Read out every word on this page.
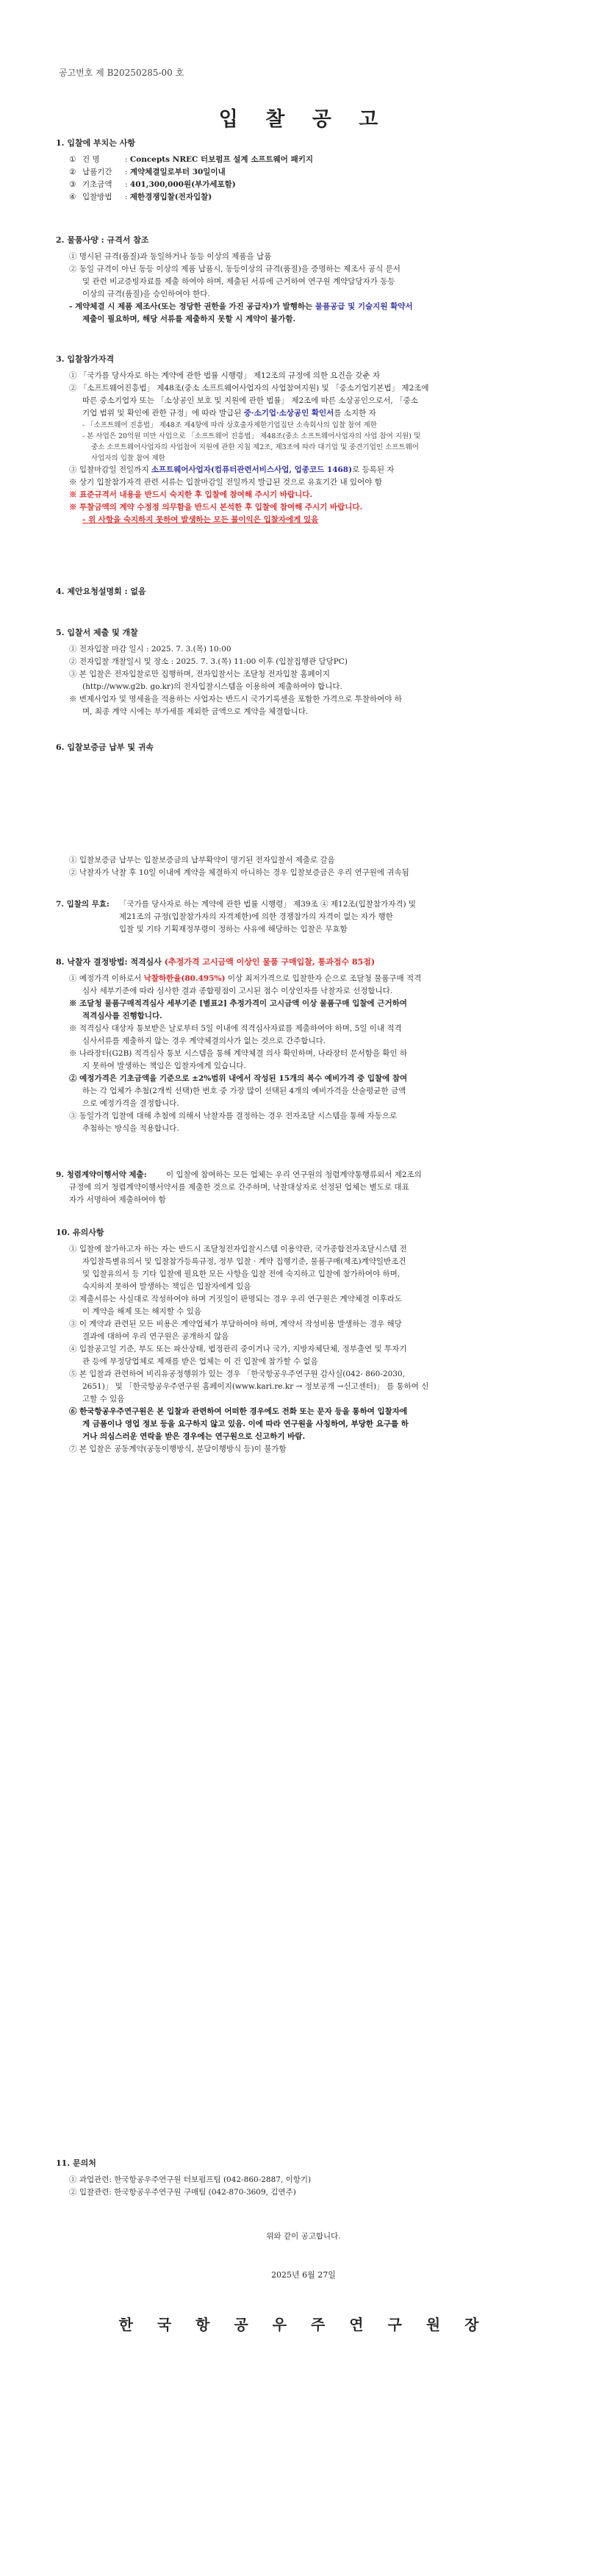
공고번호 제 B20250285-00 호
입 찰 공 고
1. 입찰에 부치는 사항
① 건 명	: Concepts NREC 터보펌프 설계 소프트웨어 패키지
② 납품기간	: 계약체결일로부터 30일이내
③ 기초금액	: 401,300,000원(부가세포함)
④ 입찰방법	: 제한경쟁입찰(전자입찰)
2. 물품사양 : 규격서 참조
① 명시된 규격(품질)과 동일하거나 동등 이상의 제품을 납품
② 동일 규격이 아닌 동등 이상의 제품 납품시, 동등이상의 규격(품질)을 증명하는 제조사 공식 문서
및 관련 비교증빙자료를 제출 하여야 하며, 제출된 서류에 근거하여 연구원 계약담당자가 동등
이상의 규격(품질)을 승인하여야 한다.
- 계약체결 시 제품 제조사(또는 정당한 권한을 가진 공급자)가 발행하는 물품공급 및 기술지원 확약서
제출이 필요하며, 해당 서류를 제출하지 못할 시 계약이 불가함.
3. 입찰참가자격
① 「국가를 당사자로 하는 계약에 관한 법률 시행령」 제12조의 규정에 의한 요건을 갖춘 자
② 「소프트웨어진흥법」 제48조(중소 소프트웨어사업자의 사업참여지원) 및 「중소기업기본법」 제2조에
따른 중소기업자 또는 「소상공인 보호 및 지원에 관한 법률」 제2조에 따른 소상공인으로서, 「중소
기업 범위 및 확인에 관한 규정」에 따라 발급된 중·소기업·소상공인 확인서를 소지한 자
- 「소프트웨어 진흥법」 제48조 제4항에 따라 상호출자제한기업집단 소속회사의 입찰 참여 제한
- 본 사업은 20억원 미만 사업으로 「소프트웨어 진흥법」 제48조(중소 소프트웨어사업자의 사업 참여 지원) 및
중소 소프트웨어사업자의 사업참여 지원에 관한 지침 제2조, 제3조에 따라 대기업 및 중견기업인 소프트웨어
사업자의 입찰 참여 제한
③ 입찰마감일 전일까지 소프트웨어사업자(컴퓨터관련서비스사업, 업종코드 1468)로 등록된 자
※ 상기 입찰참가자격 관련 서류는 입찰마감일 전일까지 발급된 것으로 유효기간 내 있어야 함
※ 표준규격서 내용을 반드시 숙지한 후 입찰에 참여해 주시기 바랍니다.
※ 투찰금액의 계약 수정정 의무함을 반드시 본석한 후 입찰에 참여해 주시기 바랍니다.
- 위 사항을 숙지하지 못하여 발생하는 모든 불이익은 입찰자에게 있음
4. 제안요청설명회 : 없음
5. 입찰서 제출 및 개찰
① 전자입찰 마감 일시 : 2025. 7. 3.(목) 10:00
② 전자입찰 개찰일시 및 장소 : 2025. 7. 3.(목) 11:00 이후 (입찰집행관 담당PC)
③ 본 입찰은 전자입찰로만 집행하며, 전자입찰서는 조달청 전자입찰 홈페이지
(http://www.g2b. go.kr)의 전자입찰시스템을 이용하여 제출하여야 합니다.
※ 변제사업자 및 명세율을 적용하는 사업자는 반드시 국가기록센을 포함한 가격으로 투찰하여야 하
며, 최종 계약 시에는 부가세를 제외한 금액으로 계약을 체결합니다.
6. 입찰보증금 납부 및 귀속
① 입찰보증금 납부는 입찰보증금의 납부확약이 명기된 전자입찰서 제출로 갈음
② 낙찰자가 낙찰 후 10일 이내에 계약을 체결하지 아니하는 경우 입찰보증금은 우리 연구원에 귀속됨
7. 입찰의 무효:	「국가를 당사자로 하는 계약에 관한 법률 시행령」 제39조 ④ 제12조(입찰참가자격) 및
제21조의 규정(입찰참가자의 자격제한)에 의한 경쟁참가의 자격이 없는 자가 행한
입찰 및 기타 기획재정부령이 정하는 사유에 해당하는 입찰은 무효함
8. 낙찰자 결정방법: 적격심사 (추정가격 고시금액 이상인 물품 구매입찰, 통과점수 85점)
① 예정가격 이하로서 낙찰하한율(80.495%) 이상 최저가격으로 입찰한자 순으로 조달청 물품구매 적격
심사 세부기준에 따라 심사한 결과 종합평점이 고시된 점수 이상인자를 낙찰자로 선정합니다.
※ 조달청 물품구매적격심사 세부기준 [별표2] 추정가격이 고시금액 이상 물품구매 입찰에 근거하여
적격심사를 진행합니다.
※ 적격심사 대상자 통보받은 날로부터 5일 이내에 적격심사자료를 제출하여야 하며, 5일 이내 적격
심사서류를 제출하지 않는 경우 계약체결의사가 없는 것으로 간주합니다.
※ 나라장터(G2B) 적격심사 통보 시스템을 통해 계약체결 의사 확인하며, 나라장터 문서함을 확인 하
지 못하여 발생하는 책임은 입찰자에게 있습니다.
② 예정가격은 기초금액을 기준으로 ±2%범위 내에서 작성된 15개의 복수 예비가격 중 입찰에 참여
하는 각 업체가 추첨(2개씩 선택)한 번호 중 가장 많이 선택된 4개의 예비가격을 산술평균한 금액
으로 예정가격을 결정합니다.
③ 동일가격 입찰에 대해 추첨에 의해서 낙찰자를 결정하는 경우 전자조달 시스템을 통해 자동으로
추첨하는 방식을 적용합니다.
9. 청렴계약이행서약 제출:	이 입찰에 참여하는 모든 업체는 우리 연구원의 청렴계약통행류외서 제2조의
규정에 의거 청렴계약이행서약서를 제출한 것으로 간주하며, 낙찰대상자로 선정된 업체는 별도로 대표
자가 서명하여 제출하여야 함
10. 유의사항
① 입찰에 참가하고자 하는 자는 반드시 조달청전자입찰시스템 이용약관, 국가종합전자조달시스템 전
자입찰특별유의서 및 입찰참가등록규정, 정부 입찰 · 계약 집행기준, 물품구매(제조)계약일반조건
및 입찰유의서 등 기타 입찰에 필요한 모든 사항을 입찰 전에 숙지하고 입찰에 참가하여야 하며,
숙지하지 못하여 발생하는 책임은 입찰자에게 있음
② 제출서류는 사실대로 작성하여야 하며 거짓일이 판명되는 경우 우리 연구원은 계약체결 이후라도
이 계약을 해제 또는 해지할 수 있음
③ 이 계약과 관련된 모든 비용은 계약업체가 부담하여야 하며, 계약서 작성비용 발생하는 경우 해당
결과에 대하여 우리 연구원은 공개하지 않음
④ 입찰공고일 기준, 부도 또는 파산상태, 법정관리 중이거나 국가, 지방자체단체, 정부출연 및 투자기
관 등에 부정당업체로 제재를 받은 업체는 이 건 입찰에 참가할 수 없음
⑤ 본 입찰과 관련하여 비리유공정행위가 있는 경우 「한국항공우주연구원 감사실(042- 860-2030,
2651)」 및 「한국항공우주연구원 홈페이지(www.kari.re.kr → 정보공개 →신고센터)」 를 통하여 신
고할 수 있음
⑥ 한국항공우주연구원은 본 입찰과 관련하여 어떠한 경우에도 전화 또는 문자 등을 통하여 입찰자에
게 금품이나 영업 정보 등을 요구하지 않고 있음. 이에 따라 연구원을 사칭하여, 부당한 요구를 하
거나 의심스러운 연락을 받은 경우에는 연구원으로 신고하기 바람.
⑦ 본 입찰은 공동계약(공동이행방식, 분담이행방식 등)이 불가함
11. 문의처
① 과업관련: 한국항공우주연구원 터보펌프팀 (042-860-2887, 이항기)
② 입찰관련: 한국항공우주연구원 구매팀 (042-870-3609, 김연주)
위와 같이 공고합니다.
2025년 6월 27일
한 국 항 공 우 주 연 구 원 장
